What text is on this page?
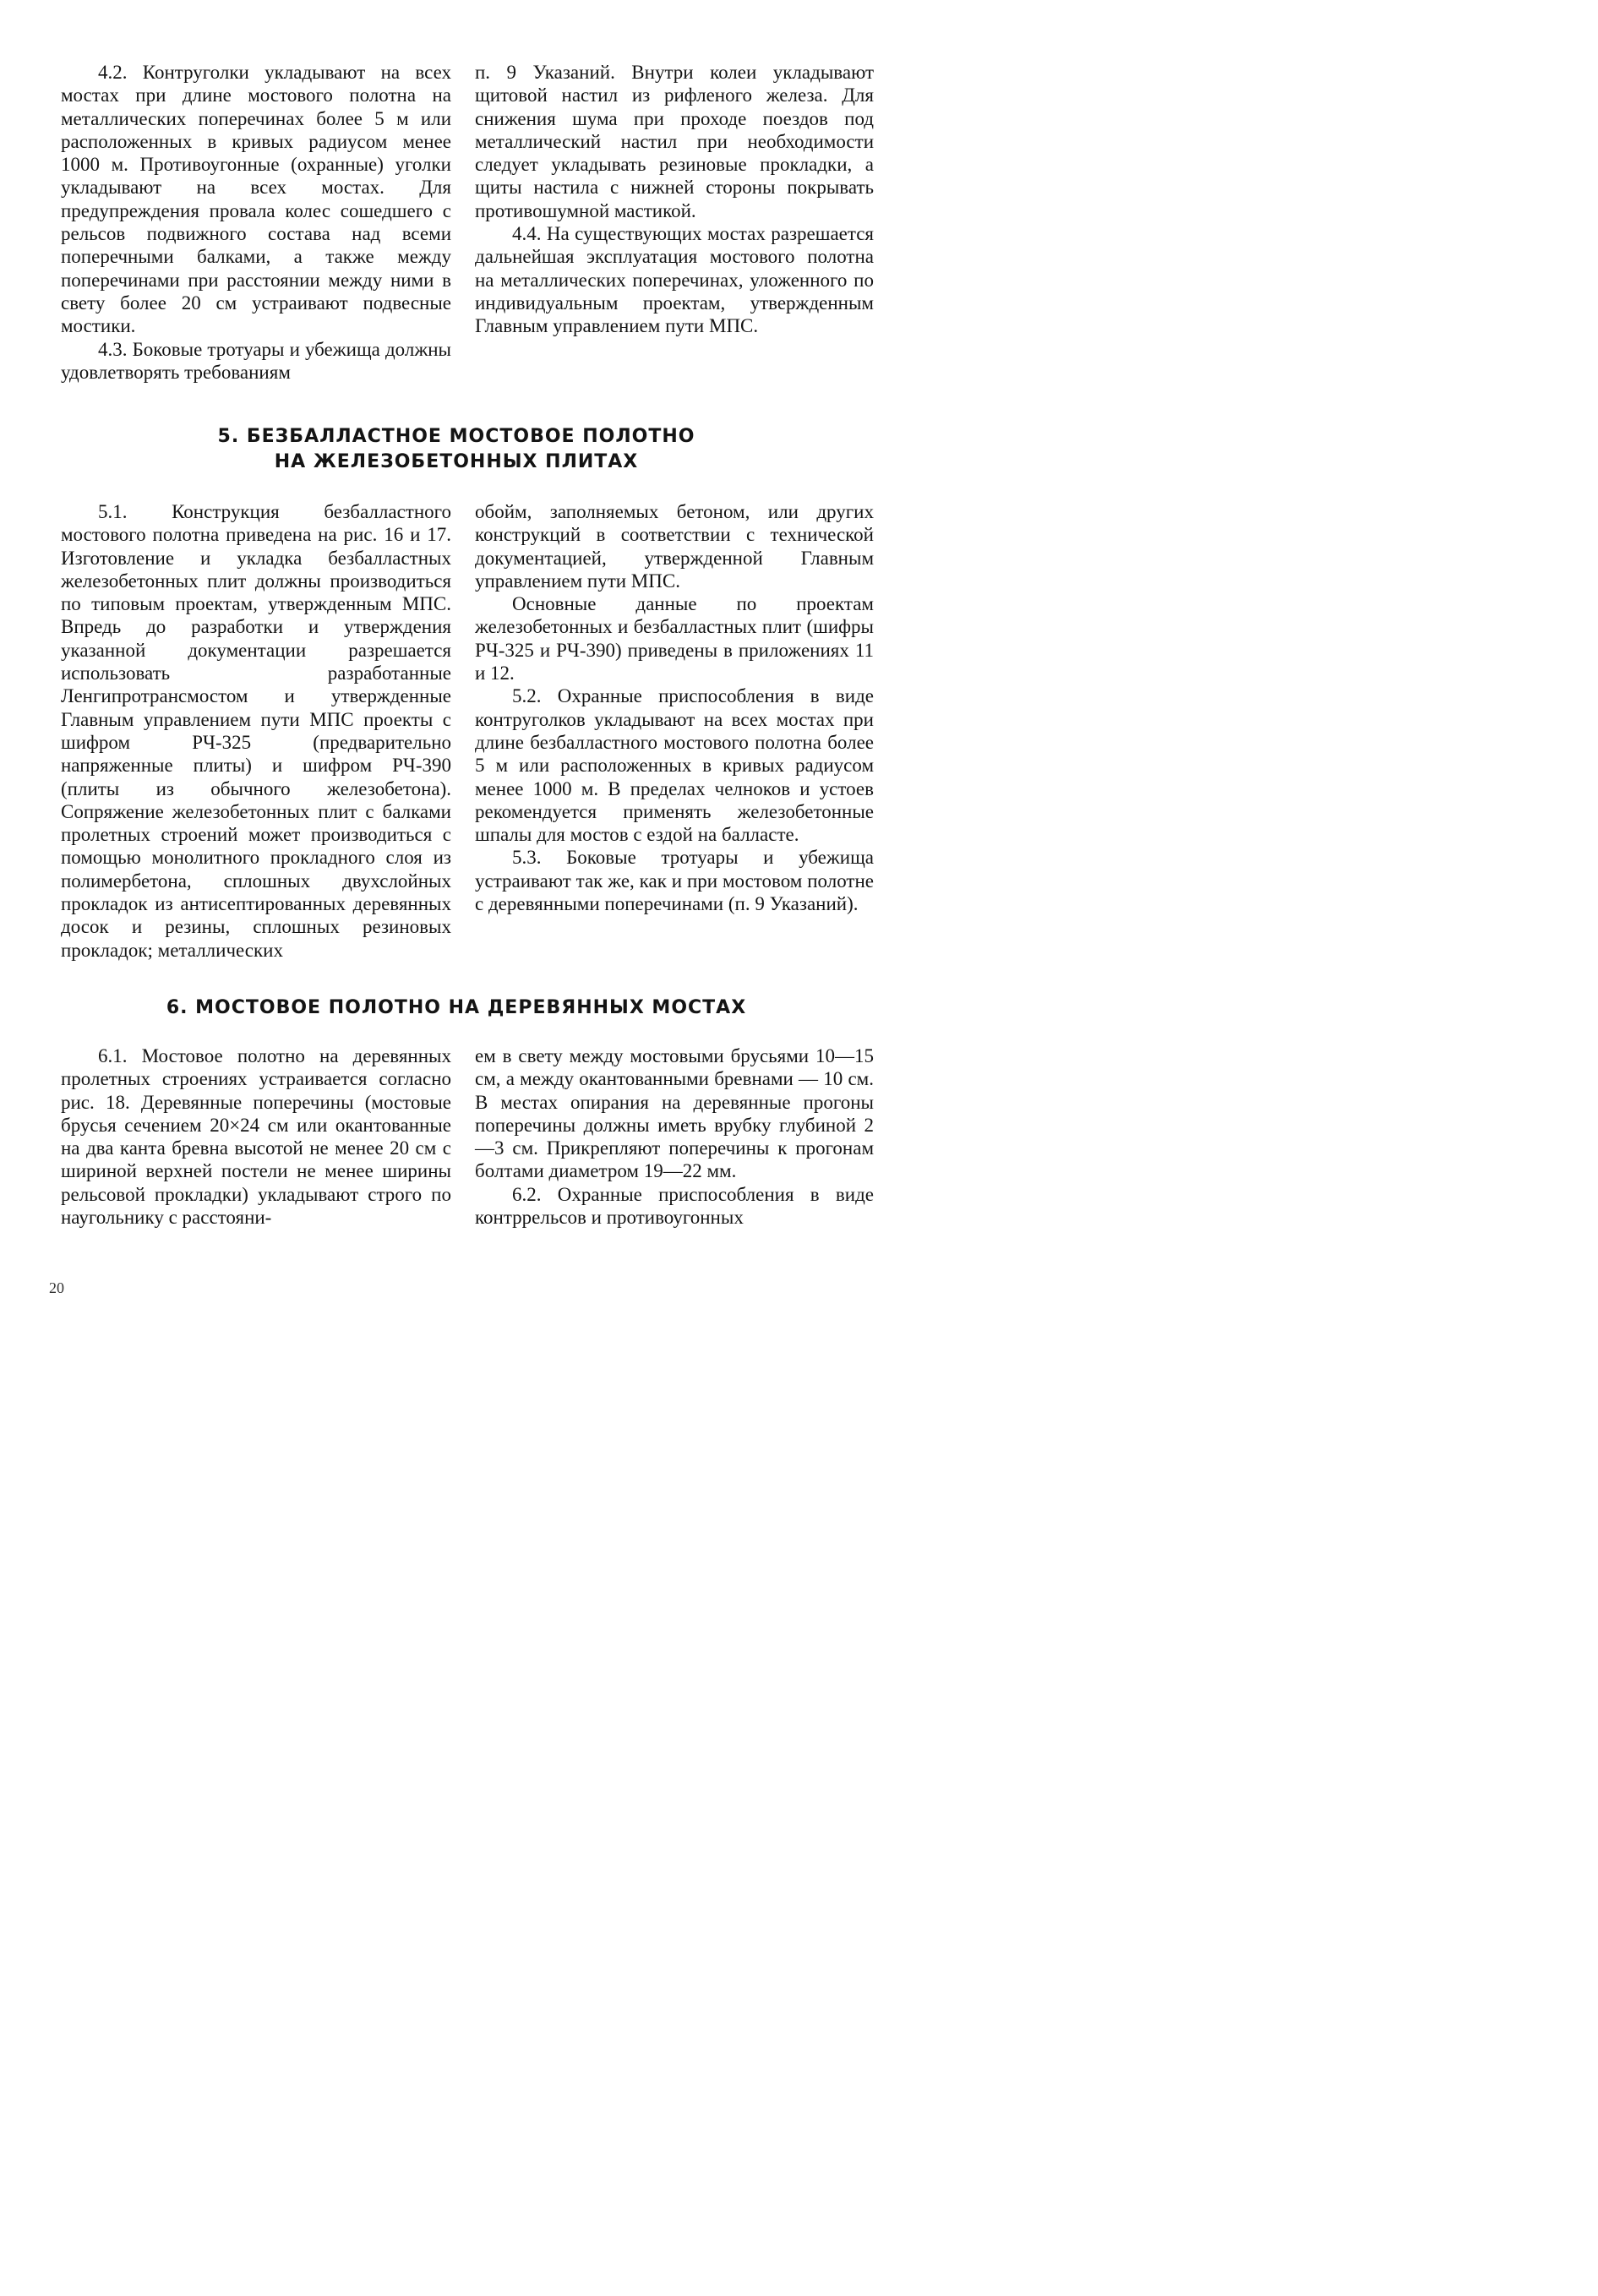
4.2. Контруголки укладывают на всех мостах при длине мостового полотна на металлических поперечинах более 5 м или расположенных в кривых радиусом менее 1000 м. Противоугонные (охранные) уголки укладывают на всех мостах. Для предупреждения провала колес сошедшего с рельсов подвижного состава над всеми поперечными балками, а также между поперечинами при расстоянии между ними в свету более 20 см устраивают подвесные мостики.

4.3. Боковые тротуары и убежища должны удовлетворять требованиям

п. 9 Указаний. Внутри колеи укладывают щитовой настил из рифленого железа. Для снижения шума при проходе поездов под металлический настил при необходимости следует укладывать резиновые прокладки, а щиты настила с нижней стороны покрывать противошумной мастикой.

4.4. На существующих мостах разрешается дальнейшая эксплуатация мостового полотна на металлических поперечинах, уложенного по индивидуальным проектам, утвержденным Главным управлением пути МПС.

5. БЕЗБАЛЛАСТНОЕ МОСТОВОЕ ПОЛОТНО
НА ЖЕЛЕЗОБЕТОННЫХ ПЛИТАХ

5.1. Конструкция безбалластного мостового полотна приведена на рис. 16 и 17. Изготовление и укладка безбалластных железобетонных плит должны производиться по типовым проектам, утвержденным МПС. Впредь до разработки и утверждения указанной документации разрешается использовать разработанные Ленгипротрансмостом и утвержденные Главным управлением пути МПС проекты с шифром РЧ-325 (предварительно напряженные плиты) и шифром РЧ-390 (плиты из обычного железобетона). Сопряжение железобетонных плит с балками пролетных строений может производиться с помощью монолитного прокладного слоя из полимербетона, сплошных двухслойных прокладок из антисептированных деревянных досок и резины, сплошных резиновых прокладок; металлических

обойм, заполняемых бетоном, или других конструкций в соответствии с технической документацией, утвержденной Главным управлением пути МПС.

Основные данные по проектам железобетонных и безбалластных плит (шифры РЧ-325 и РЧ-390) приведены в приложениях 11 и 12.

5.2. Охранные приспособления в виде контруголков укладывают на всех мостах при длине безбалластного мостового полотна более 5 м или расположенных в кривых радиусом менее 1000 м. В пределах челноков и устоев рекомендуется применять железобетонные шпалы для мостов с ездой на балласте.

5.3. Боковые тротуары и убежища устраивают так же, как и при мостовом полотне с деревянными поперечинами (п. 9 Указаний).

6. МОСТОВОЕ ПОЛОТНО НА ДЕРЕВЯННЫХ МОСТАХ

6.1. Мостовое полотно на деревянных пролетных строениях устраивается согласно рис. 18. Деревянные поперечины (мостовые брусья сечением 20×24 см или окантованные на два канта бревна высотой не менее 20 см с шириной верхней постели не менее ширины рельсовой прокладки) укладывают строго по наугольнику с расстояни-

ем в свету между мостовыми брусьями 10—15 см, а между окантованными бревнами — 10 см. В местах опирания на деревянные прогоны поперечины должны иметь врубку глубиной 2—3 см. Прикрепляют поперечины к прогонам болтами диаметром 19—22 мм.

6.2. Охранные приспособления в виде контррельсов и противоугонных

20
